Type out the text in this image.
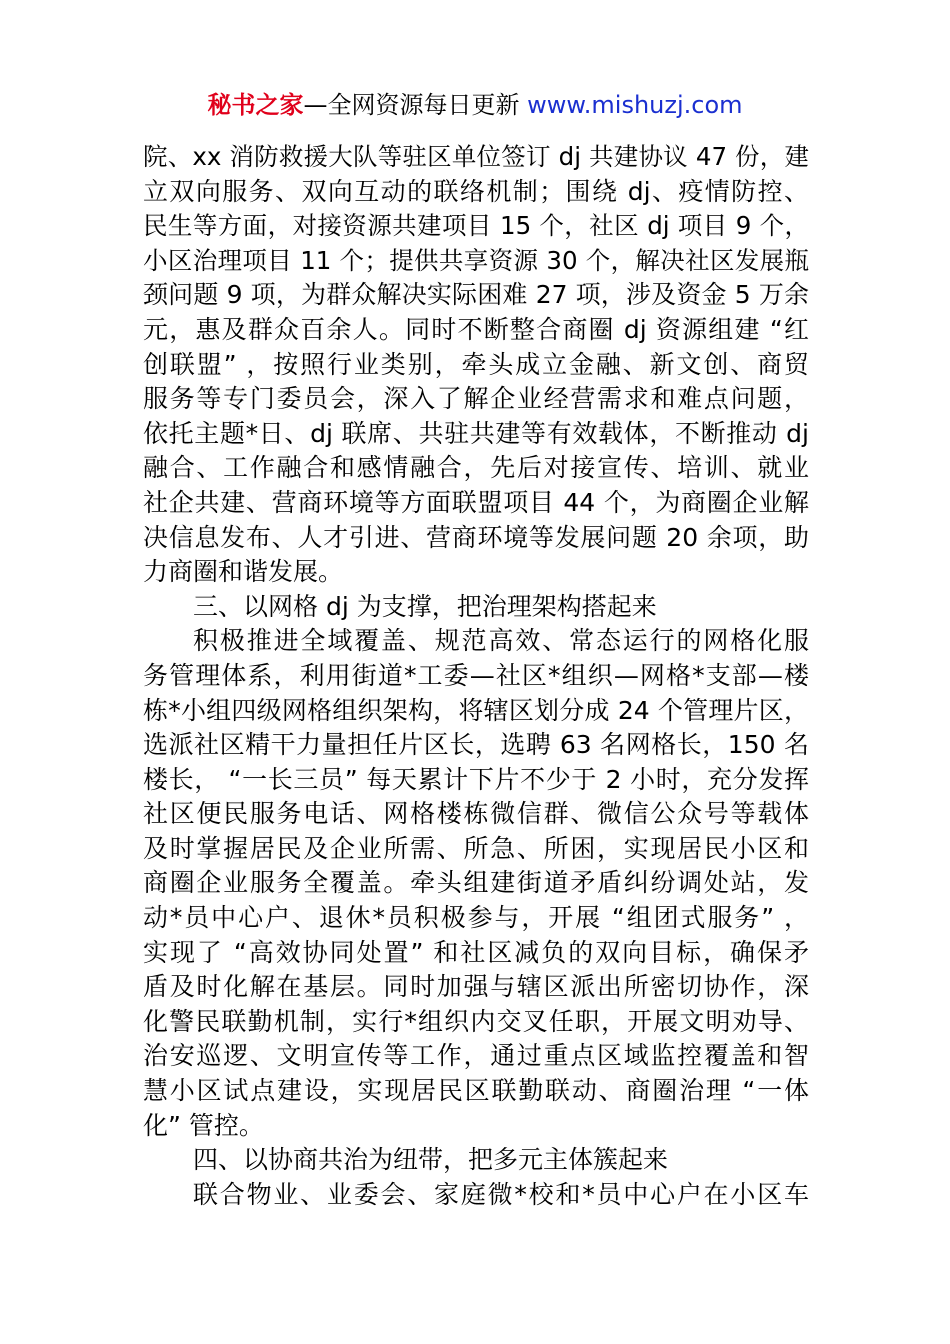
秘书之家—全网资源每日更新 www.mishuzj.com
院、xx 消防救援大队等驻区单位签订 dj 共建协议 47 份，建
立双向服务、双向互动的联络机制；围绕 dj、疫情防控、
民生等方面，对接资源共建项目 15 个，社区 dj 项目 9 个，
小区治理项目 11 个；提供共享资源 30 个，解决社区发展瓶
颈问题 9 项，为群众解决实际困难 27 项，涉及资金 5 万余
元，惠及群众百余人。同时不断整合商圈 dj 资源组建 “红
创联盟” ，按照行业类别，牵头成立金融、新文创、商贸
服务等专门委员会，深入了解企业经营需求和难点问题，
依托主题*日、dj 联席、共驻共建等有效载体，不断推动 dj
融合、工作融合和感情融合，先后对接宣传、培训、就业
社企共建、营商环境等方面联盟项目 44 个，为商圈企业解
决信息发布、人才引进、营商环境等发展问题 20 余项，助
力商圈和谐发展。
三、以网格 dj 为支撑，把治理架构搭起来
积极推进全域覆盖、规范高效、常态运行的网格化服
务管理体系，利用街道*工委—社区*组织—网格*支部—楼
栋*小组四级网格组织架构，将辖区划分成 24 个管理片区，
选派社区精干力量担任片区长，选聘 63 名网格长，150 名
楼长， “一长三员” 每天累计下片不少于 2 小时，充分发挥
社区便民服务电话、网格楼栋微信群、微信公众号等载体
及时掌握居民及企业所需、所急、所困，实现居民小区和
商圈企业服务全覆盖。牵头组建街道矛盾纠纷调处站，发
动*员中心户、退休*员积极参与，开展 “组团式服务” ，
实现了 “高效协同处置” 和社区减负的双向目标，确保矛
盾及时化解在基层。同时加强与辖区派出所密切协作，深
化警民联勤机制，实行*组织内交叉任职，开展文明劝导、
治安巡逻、文明宣传等工作，通过重点区域监控覆盖和智
慧小区试点建设，实现居民区联勤联动、商圈治理 “一体
化” 管控。
四、以协商共治为纽带，把多元主体簇起来
联合物业、业委会、家庭微*校和*员中心户在小区车
